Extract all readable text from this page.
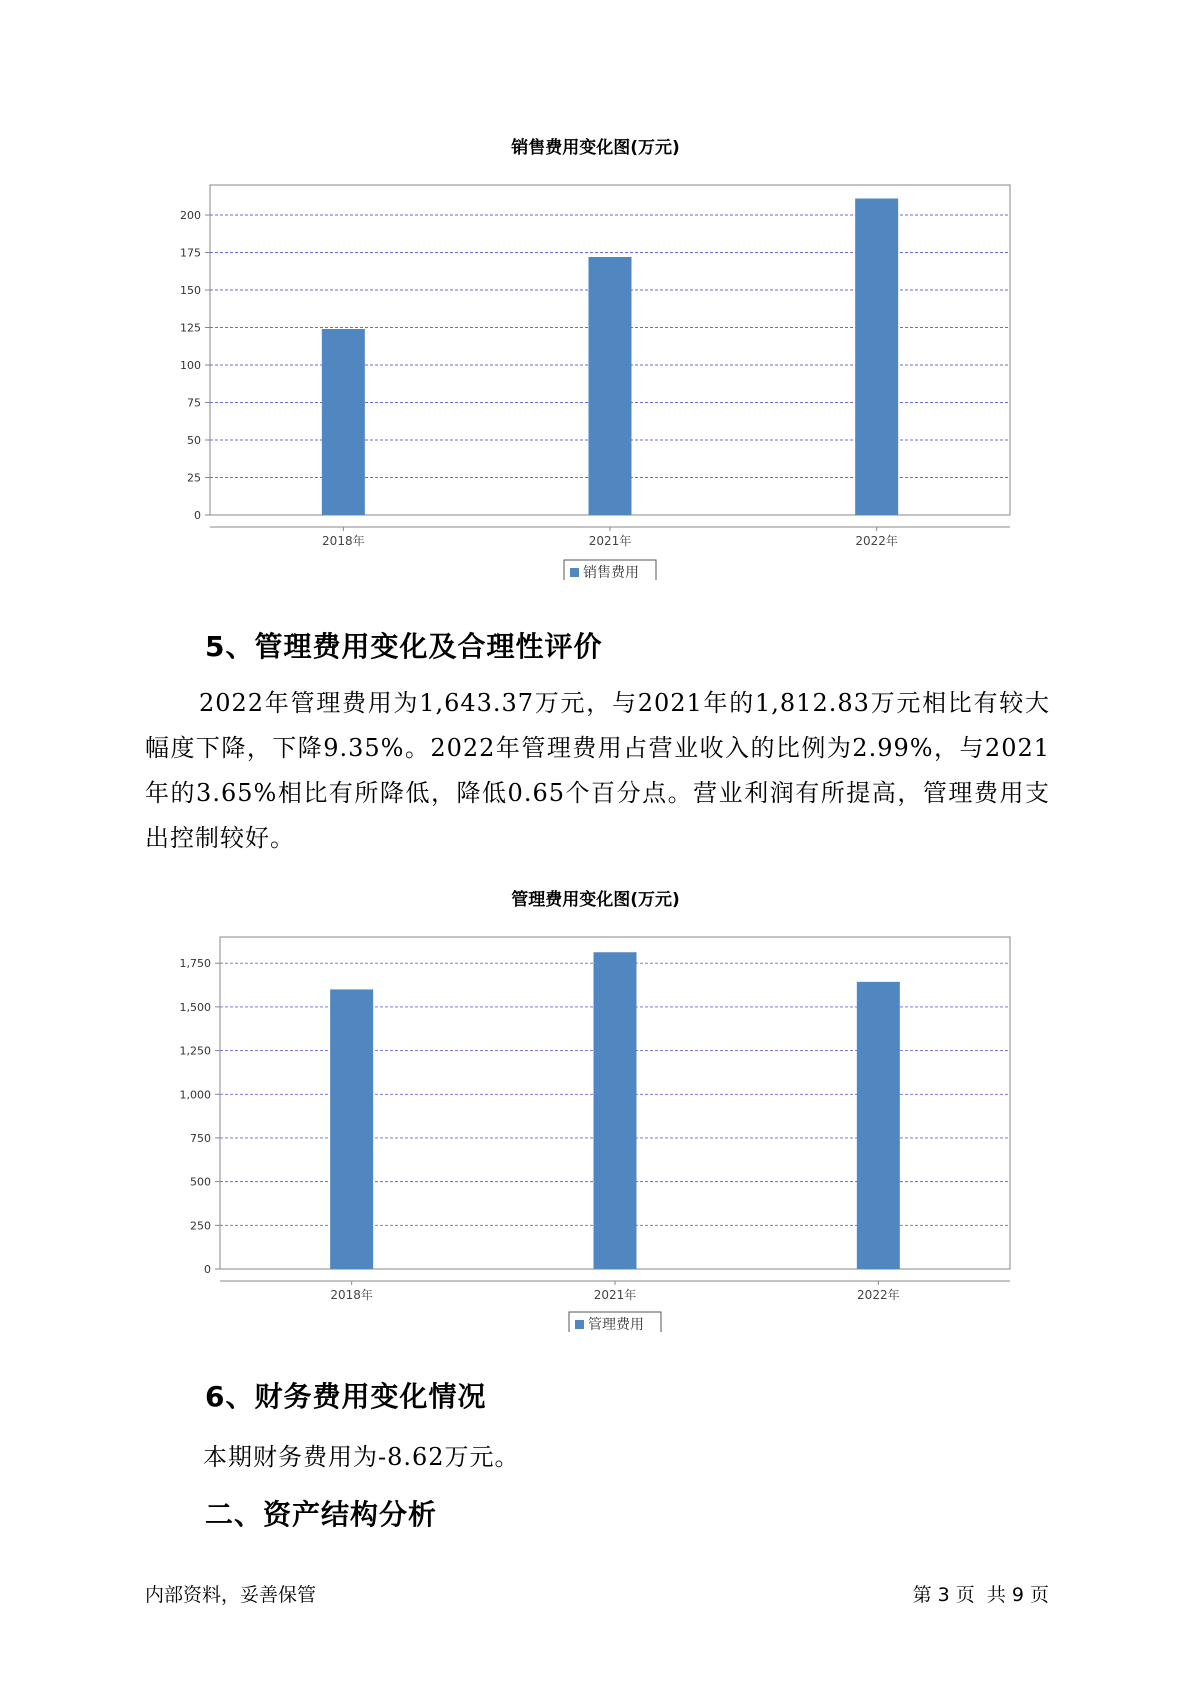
销售费用变化图(万元)
0
25
50
75
100
125
150
175
200
2018年	2021年	2022年
销售费用
5、管理费用变化及合理性评价
2022年管理费用为1,643.37万元，与2021年的1,812.83万元相比有较大幅度下降，下降9.35%。2022年管理费用占营业收入的比例为2.99%，与2021年的3.65%相比有所降低，降低0.65个百分点。营业利润有所提高，管理费用支出控制较好。
管理费用变化图(万元)
0
250
500
750
1,000
1,250
1,500
1,750
2018年	2021年	2022年
管理费用
6、财务费用变化情况
本期财务费用为-8.62万元。
二、资产结构分析
内部资料，妥善保管	第 3 页  共 9 页
